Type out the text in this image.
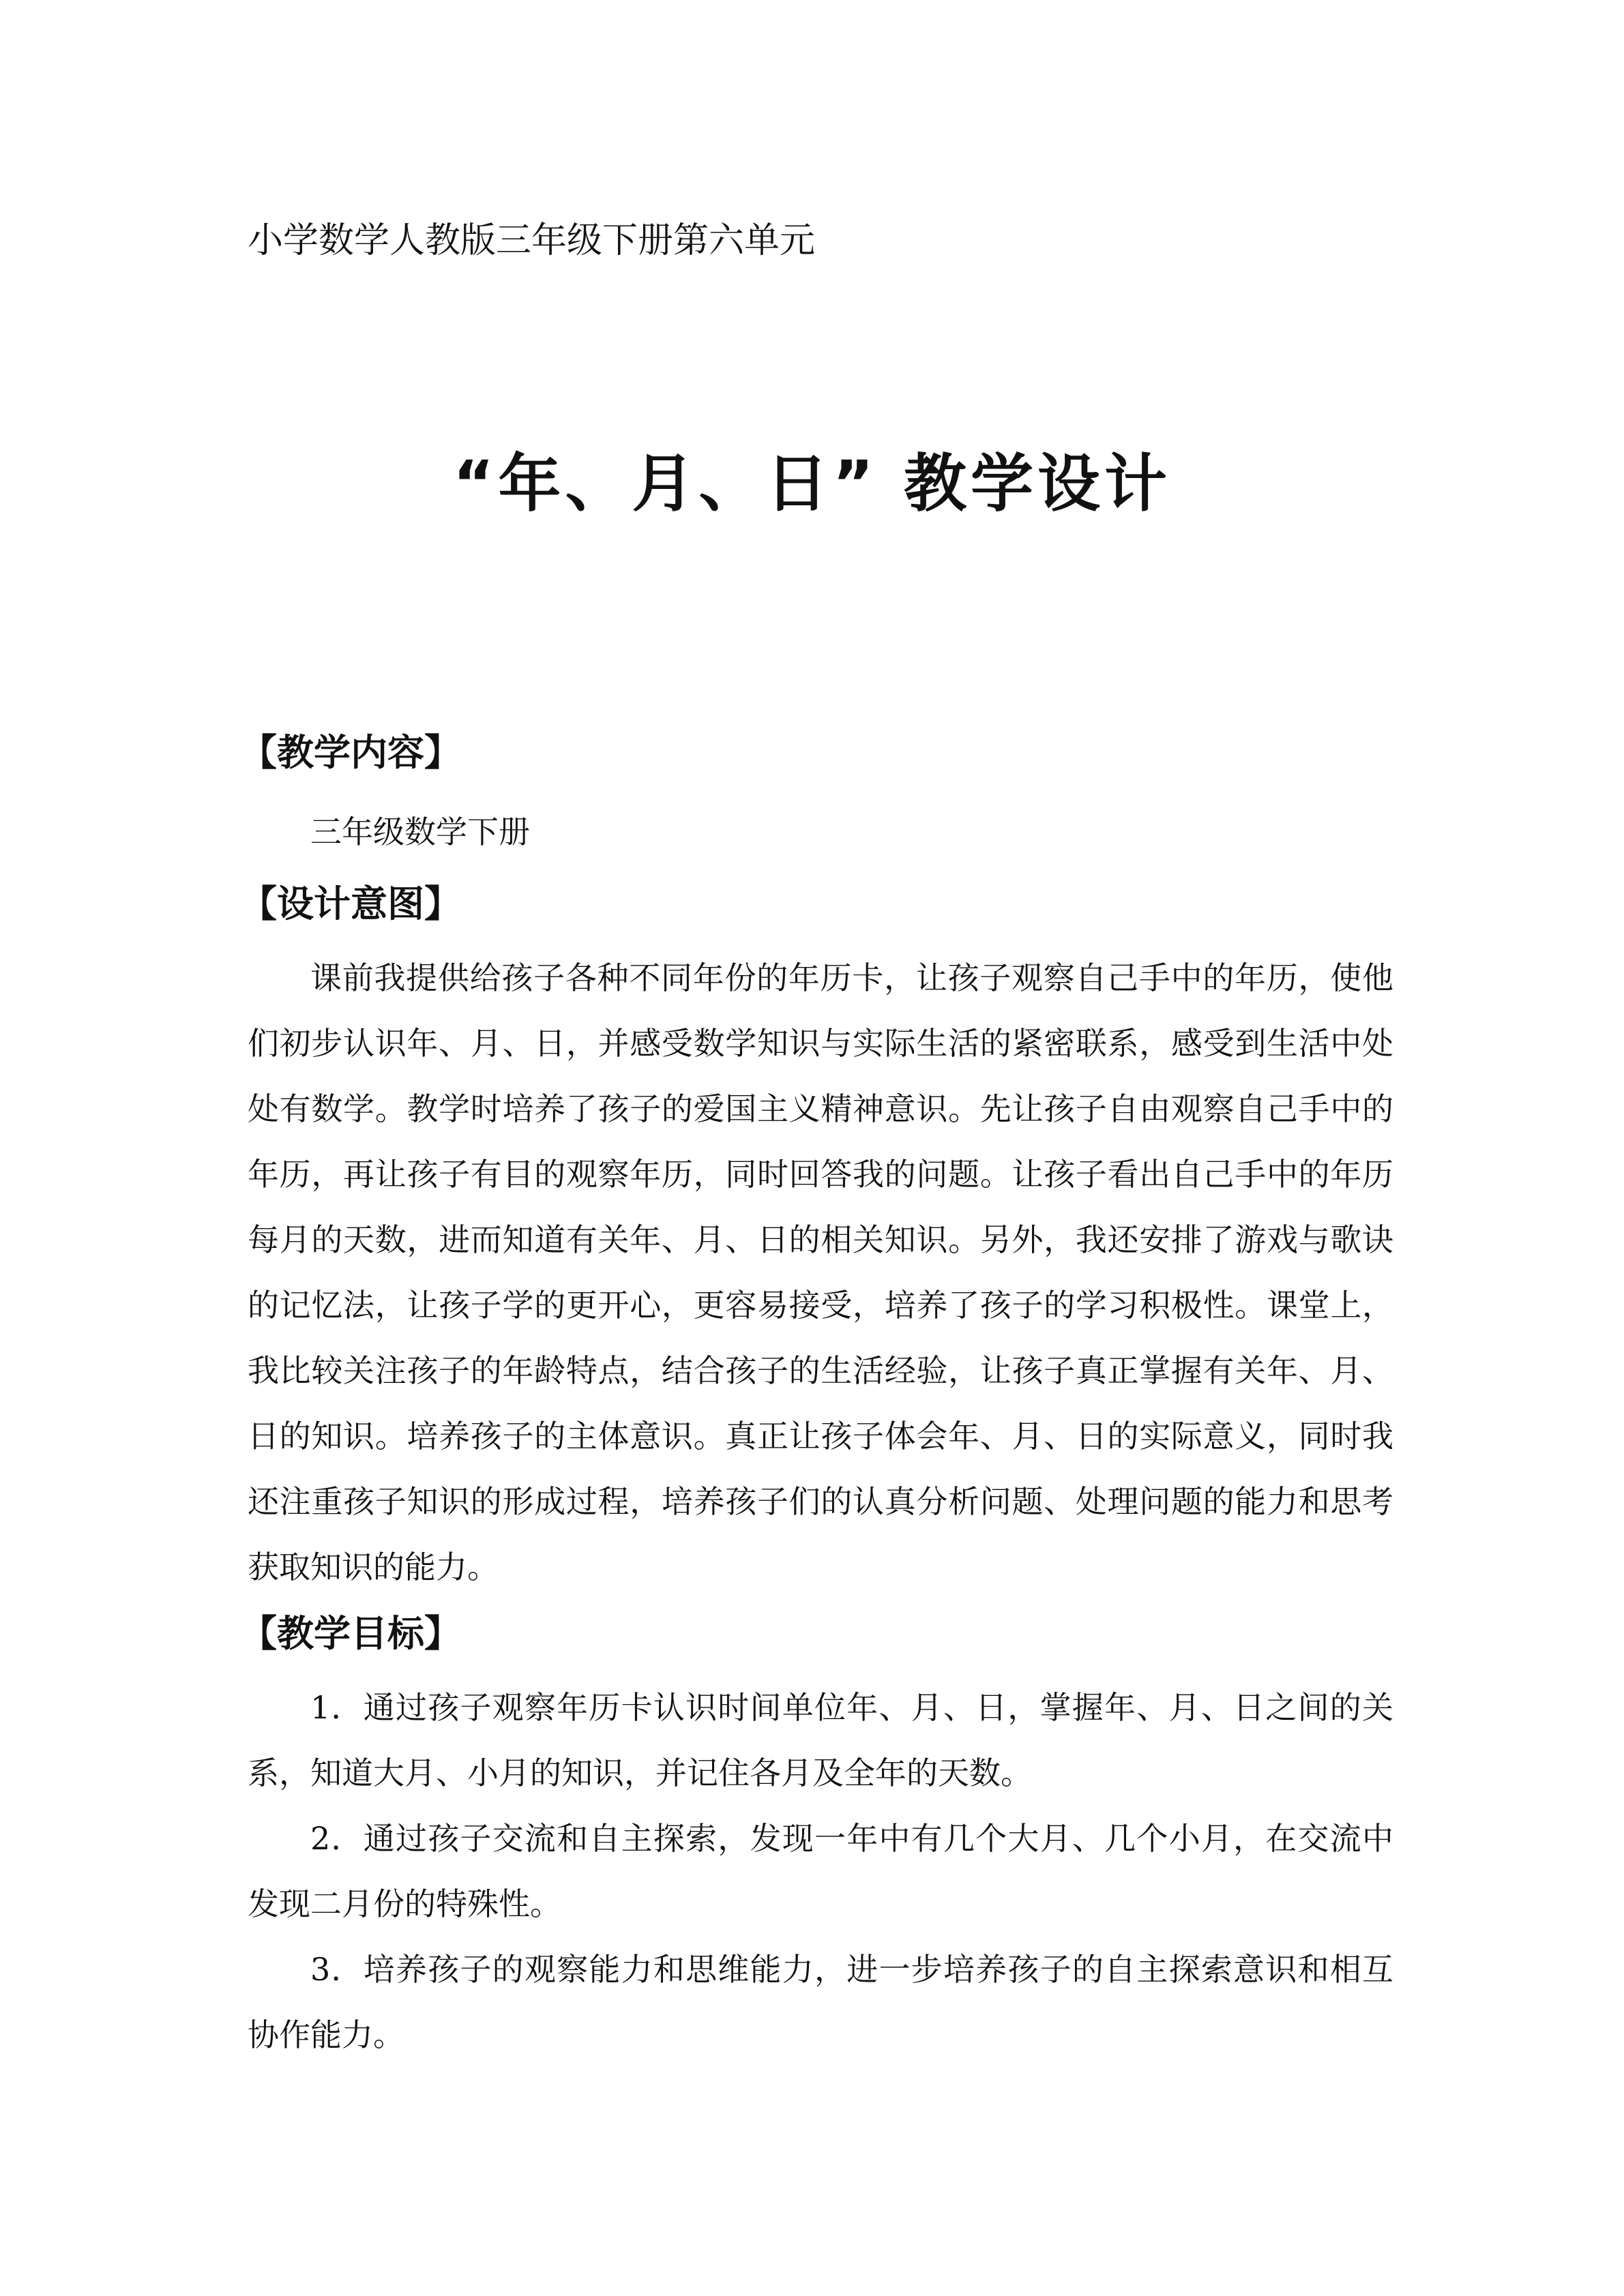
小学数学人教版三年级下册第六单元
“年、月、日” 教学设计
【教学内容】

三年级数学下册

【设计意图】

课前我提供给孩子各种不同年份的年历卡，让孩子观察自己手中的年历，使他们初步认识年、月、日，并感受数学知识与实际生活的紧密联系，感受到生活中处处有数学。教学时培养了孩子的爱国主义精神意识。先让孩子自由观察自己手中的年历，再让孩子有目的观察年历，同时回答我的问题。让孩子看出自己手中的年历每月的天数，进而知道有关年、月、日的相关知识。另外，我还安排了游戏与歌诀的记忆法，让孩子学的更开心，更容易接受，培养了孩子的学习积极性。课堂上，我比较关注孩子的年龄特点，结合孩子的生活经验，让孩子真正掌握有关年、月、日的知识。培养孩子的主体意识。真正让孩子体会年、月、日的实际意义，同时我还注重孩子知识的形成过程，培养孩子们的认真分析问题、处理问题的能力和思考获取知识的能力。

【教学目标】

1．通过孩子观察年历卡认识时间单位年、月、日，掌握年、月、日之间的关系，知道大月、小月的知识，并记住各月及全年的天数。

2．通过孩子交流和自主探索，发现一年中有几个大月、几个小月，在交流中发现二月份的特殊性。

3．培养孩子的观察能力和思维能力，进一步培养孩子的自主探索意识和相互协作能力。
